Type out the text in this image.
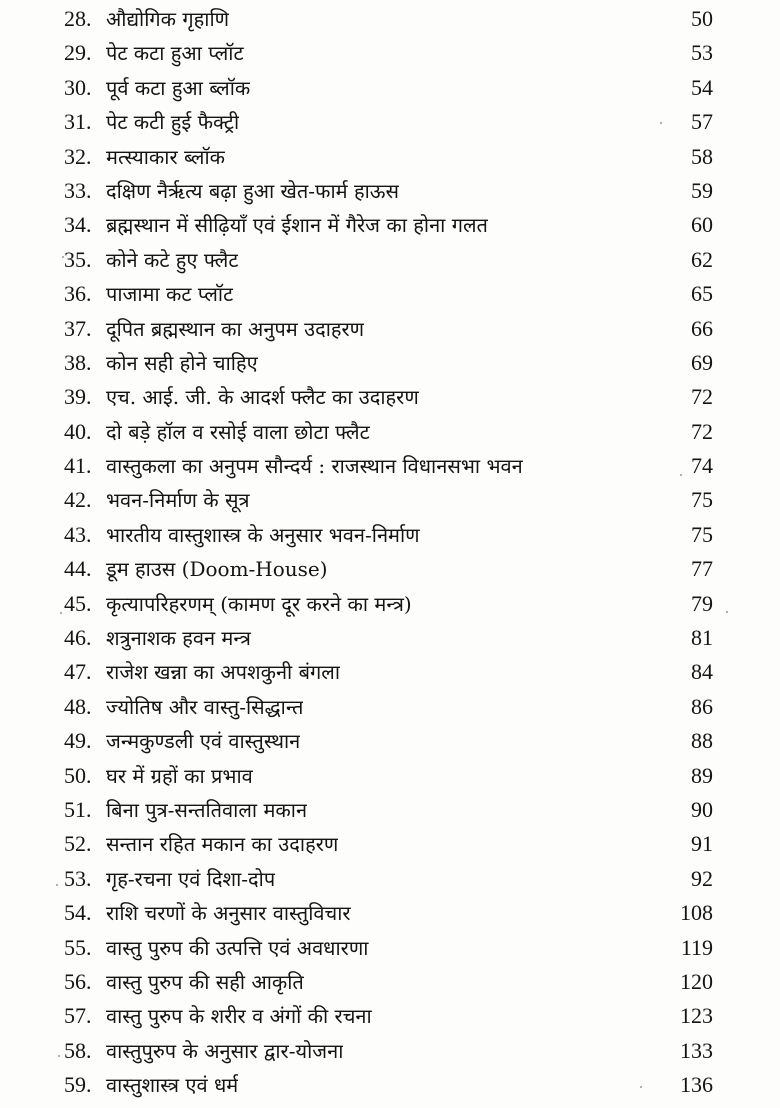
28. औद्योगिक गृहाणि	50
29. पेट कटा हुआ प्लॉट	53
30. पूर्व कटा हुआ ब्लॉक	54
31. पेट कटी हुई फैक्ट्री	57
32. मत्स्याकार ब्लॉक	58
33. दक्षिण नैर्ऋत्य बढ़ा हुआ खेत-फार्म हाऊस	59
34. ब्रह्मस्थान में सीढ़ियाँ एवं ईशान में गैरेज का होना गलत	60
35. कोने कटे हुए फ्लैट	62
36. पाजामा कट प्लॉट	65
37. दूपित ब्रह्मस्थान का अनुपम उदाहरण	66
38. कोन सही होने चाहिए	69
39. एच. आई. जी. के आदर्श फ्लैट का उदाहरण	72
40. दो बड़े हॉल व रसोई वाला छोटा फ्लैट	72
41. वास्तुकला का अनुपम सौन्दर्य : राजस्थान विधानसभा भवन	74
42. भवन-निर्माण के सूत्र	75
43. भारतीय वास्तुशास्त्र के अनुसार भवन-निर्माण	75
44. डूम हाउस (Doom-House)	77
45. कृत्यापरिहरणम् (कामण दूर करने का मन्त्र)	79
46. शत्रुनाशक हवन मन्त्र	81
47. राजेश खन्ना का अपशकुनी बंगला	84
48. ज्योतिष और वास्तु-सिद्धान्त	86
49. जन्मकुण्डली एवं वास्तुस्थान	88
50. घर में ग्रहों का प्रभाव	89
51. बिना पुत्र-सन्ततिवाला मकान	90
52. सन्तान रहित मकान का उदाहरण	91
53. गृह-रचना एवं दिशा-दोप	92
54. राशि चरणों के अनुसार वास्तुविचार	108
55. वास्तु पुरुप की उत्पत्ति एवं अवधारणा	119
56. वास्तु पुरुप की सही आकृति	120
57. वास्तु पुरुप के शरीर व अंगों की रचना	123
58. वास्तुपुरुप के अनुसार द्वार-योजना	133
59. वास्तुशास्त्र एवं धर्म	136
